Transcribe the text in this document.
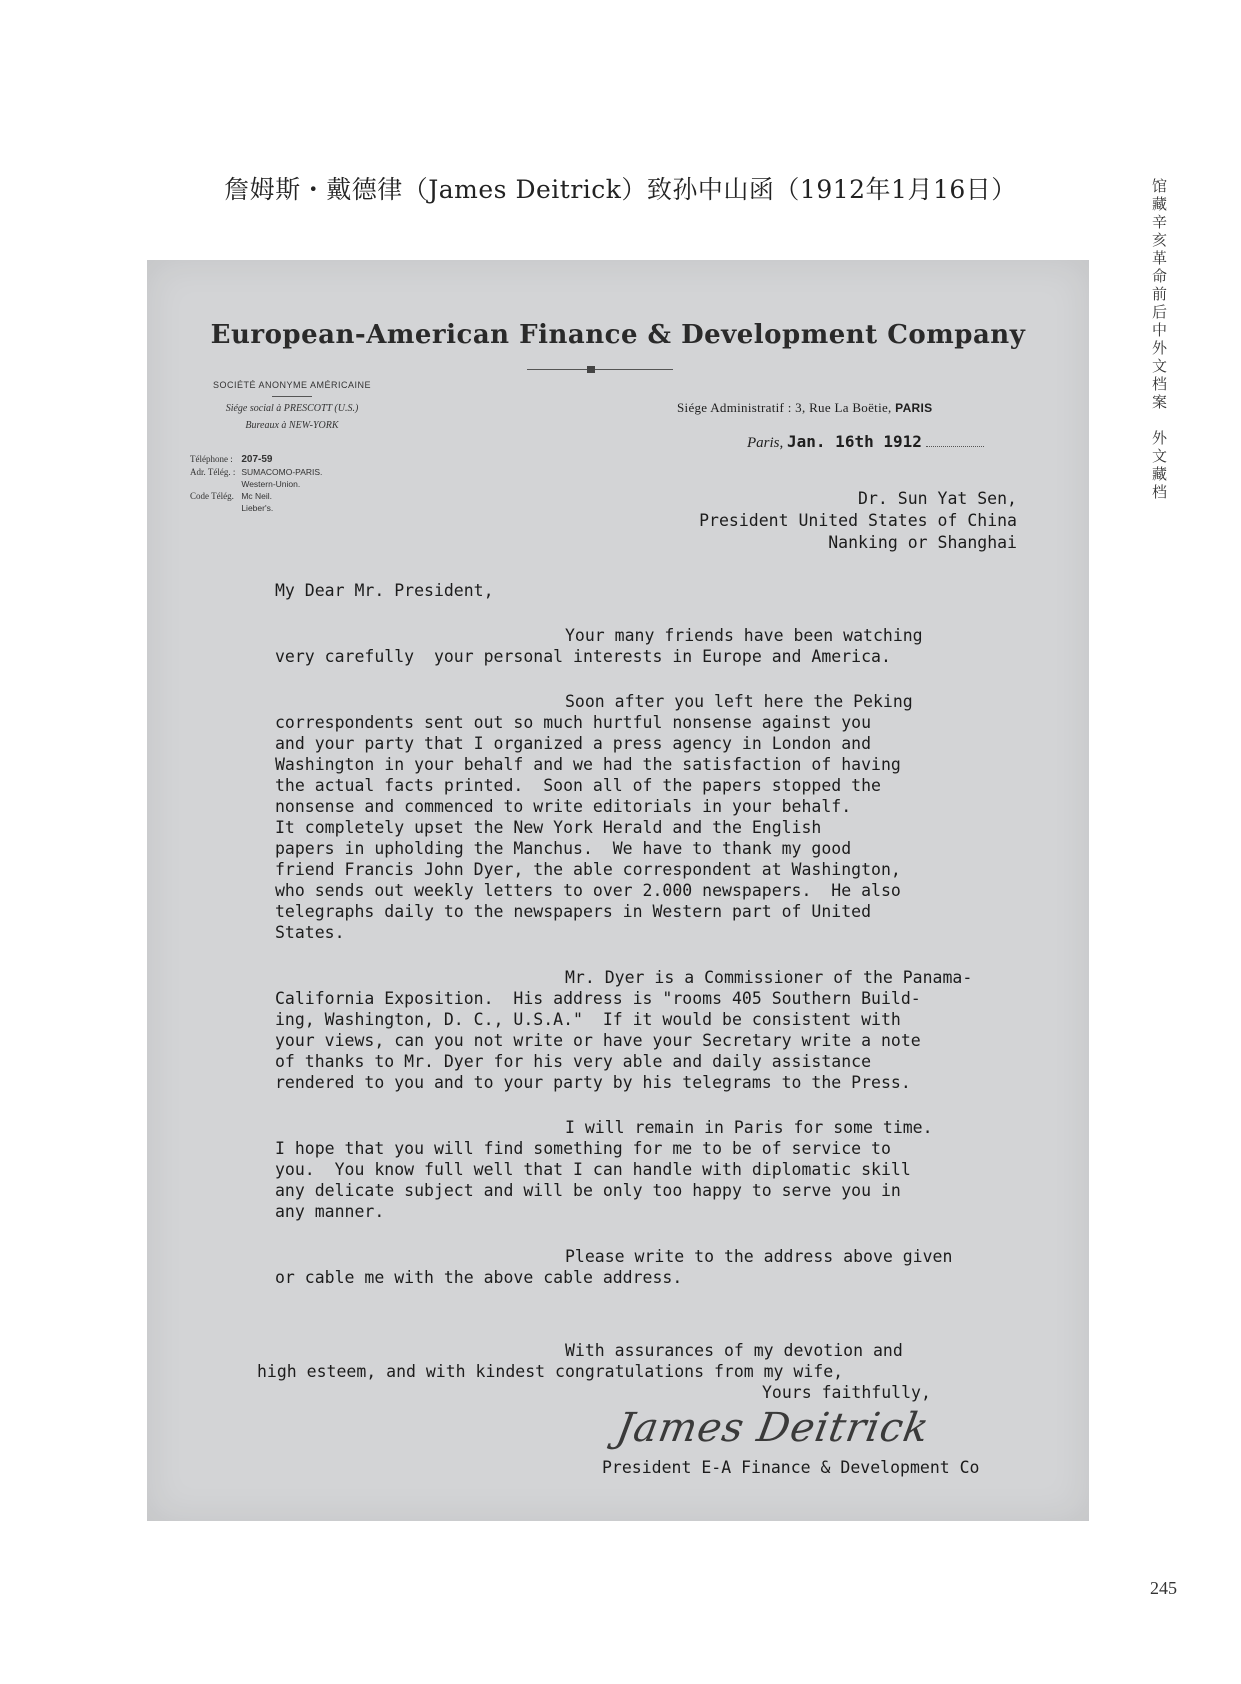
詹姆斯・戴德律（James Deitrick）致孙中山函（1912年1月16日）	馆藏辛亥革命前后中外文档案　外文藏档
245
European-American Finance & Development Company
SOCIÉTÉ ANONYME AMÉRICAINE
Siége social à PRESCOTT (U.S.)
Bureaux à NEW-YORK
Téléphone :	207-59
Adr. Télég. :	SUMACOMO-PARIS.
Code Télég.	Western-Union.
	Mc Neil.
	Lieber's.
Siége Administratif : 3, Rue La Boëtie, PARIS
Paris, Jan. 16th 1912
Dr. Sun Yat Sen,
President United States of China
Nanking or Shanghai
My Dear Mr. President,
Your many friends have been watching
very carefully  your personal interests in Europe and America.
Soon after you left here the Peking
correspondents sent out so much hurtful nonsense against you
and your party that I organized a press agency in London and
Washington in your behalf and we had the satisfaction of having
the actual facts printed.  Soon all of the papers stopped the
nonsense and commenced to write editorials in your behalf.
It completely upset the New York Herald and the English
papers in upholding the Manchus.  We have to thank my good
friend Francis John Dyer, the able correspondent at Washington,
who sends out weekly letters to over 2.000 newspapers.  He also
telegraphs daily to the newspapers in Western part of United
States.
Mr. Dyer is a Commissioner of the Panama-
California Exposition.  His address is "rooms 405 Southern Build-
ing, Washington, D. C., U.S.A."  If it would be consistent with
your views, can you not write or have your Secretary write a note
of thanks to Mr. Dyer for his very able and daily assistance
rendered to you and to your party by his telegrams to the Press.
I will remain in Paris for some time.
I hope that you will find something for me to be of service to
you.  You know full well that I can handle with diplomatic skill
any delicate subject and will be only too happy to serve you in
any manner.
Please write to the address above given
or cable me with the above cable address.
With assurances of my devotion and
high esteem, and with kindest congratulations from my wife,
Yours faithfully,
James Deitrick
President E-A Finance & Development Co
